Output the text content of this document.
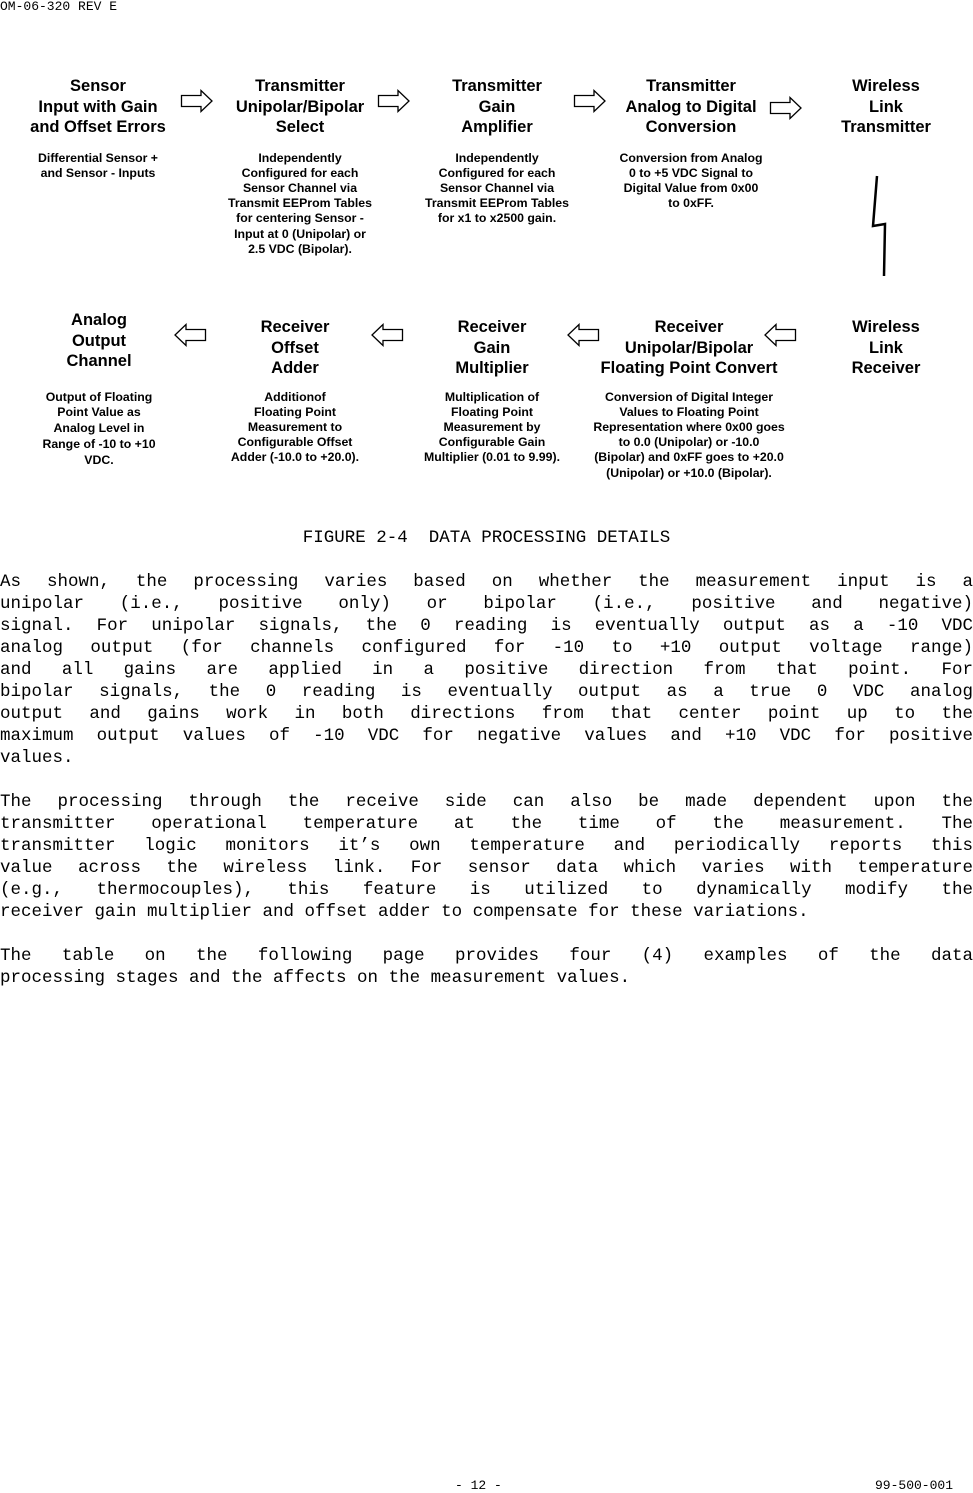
OM-06-320 REV E
Sensor
Input with Gain
and Offset Errors
Differential Sensor +
and Sensor - Inputs
Transmitter
Unipolar/Bipolar
Select
Independently
Configured for each
Sensor Channel via
Transmit EEProm Tables
for centering Sensor -
Input at 0 (Unipolar) or
2.5 VDC (Bipolar).
Transmitter
Gain
Amplifier
Independently
Configured for each
Sensor Channel via
Transmit EEProm Tables
for x1 to x2500 gain.
Transmitter
Analog to Digital
Conversion
Conversion from Analog
0 to +5 VDC Signal to
Digital Value from 0x00
to 0xFF.
Wireless
Link
Transmitter
Analog
Output
Channel
Output of Floating
Point Value as
Analog Level in
Range of -10 to +10
VDC.
Receiver
Offset
Adder
Additionof
Floating Point
Measurement to
Configurable Offset
Adder (-10.0 to +20.0).
Receiver
Gain
Multiplier
Multiplication of
Floating Point
Measurement by
Configurable Gain
Multiplier (0.01 to 9.99).
Receiver
Unipolar/Bipolar
Floating Point Convert
Conversion of Digital Integer
Values to Floating Point
Representation where 0x00 goes
to 0.0 (Unipolar) or -10.0
(Bipolar) and 0xFF goes to +20.0
(Unipolar) or +10.0 (Bipolar).
Wireless
Link
Receiver
FIGURE 2-4  DATA PROCESSING DETAILS
As shown, the processing varies based on whether the measurement input is a
unipolar (i.e., positive only) or bipolar (i.e., positive and negative)
signal. For unipolar signals, the 0 reading is eventually output as a -10 VDC
analog output (for channels configured for -10 to +10 output voltage range)
and all gains are applied in a positive direction from that point. For
bipolar signals, the 0 reading is eventually output as a true 0 VDC analog
output and gains work in both directions from that center point up to the
maximum output values of -10 VDC for negative values and +10 VDC for positive
values.
The processing through the receive side can also be made dependent upon the
transmitter operational temperature at the time of the measurement. The
transmitter logic monitors it’s own temperature and periodically reports this
value across the wireless link. For sensor data which varies with temperature
(e.g., thermocouples), this feature is utilized to dynamically modify the
receiver gain multiplier and offset adder to compensate for these variations.
The table on the following page provides four (4) examples of the data
processing stages and the affects on the measurement values.
- 12 -	99-500-001
